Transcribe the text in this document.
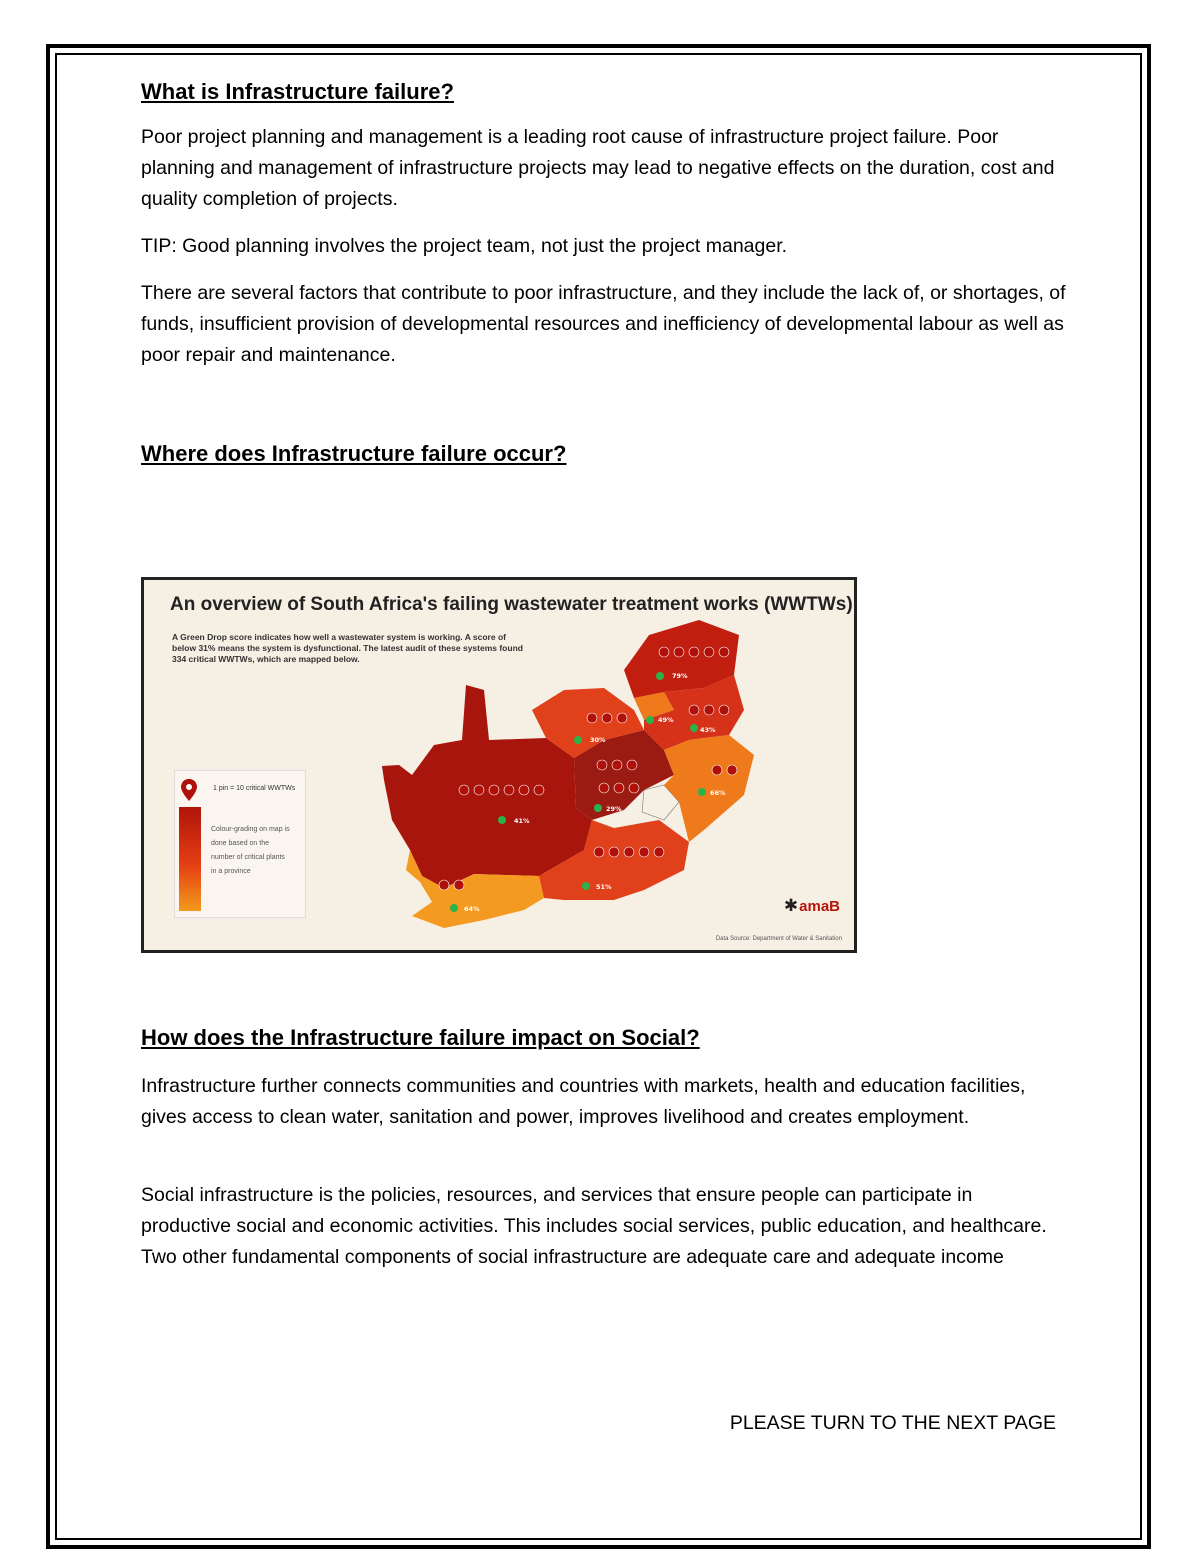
What is Infrastructure failure?

Poor project planning and management is a leading root cause of infrastructure project failure. Poor planning and management of infrastructure projects may lead to negative effects on the duration, cost and quality completion of projects.

TIP: Good planning involves the project team, not just the project manager.

There are several factors that contribute to poor infrastructure, and they include the lack of, or shortages, of funds, insufficient provision of developmental resources and inefficiency of developmental labour as well as poor repair and maintenance.

Where does Infrastructure failure occur?
An overview of South Africa's failing wastewater treatment works (WWTWs)
A Green Drop score indicates how well a wastewater system is working. A score of below 31% means the system is dysfunctional. The latest audit of these systems found 334 critical WWTWs, which are mapped below.
79%
30%
49%
43%
41%
29%
66%
51%
64%
1 pin = 10 critical WWTWs
Colour-grading on map is done based on the number of critical plants in a province
✱amaB
Data Source: Department of Water & Sanitation
How does the Infrastructure failure impact on Social?

Infrastructure further connects communities and countries with markets, health and education facilities, gives access to clean water, sanitation and power, improves livelihood and creates employment.

Social infrastructure is the policies, resources, and services that ensure people can participate in productive social and economic activities. This includes social services, public education, and healthcare. Two other fundamental components of social infrastructure are adequate care and adequate income

PLEASE TURN TO THE NEXT PAGE
